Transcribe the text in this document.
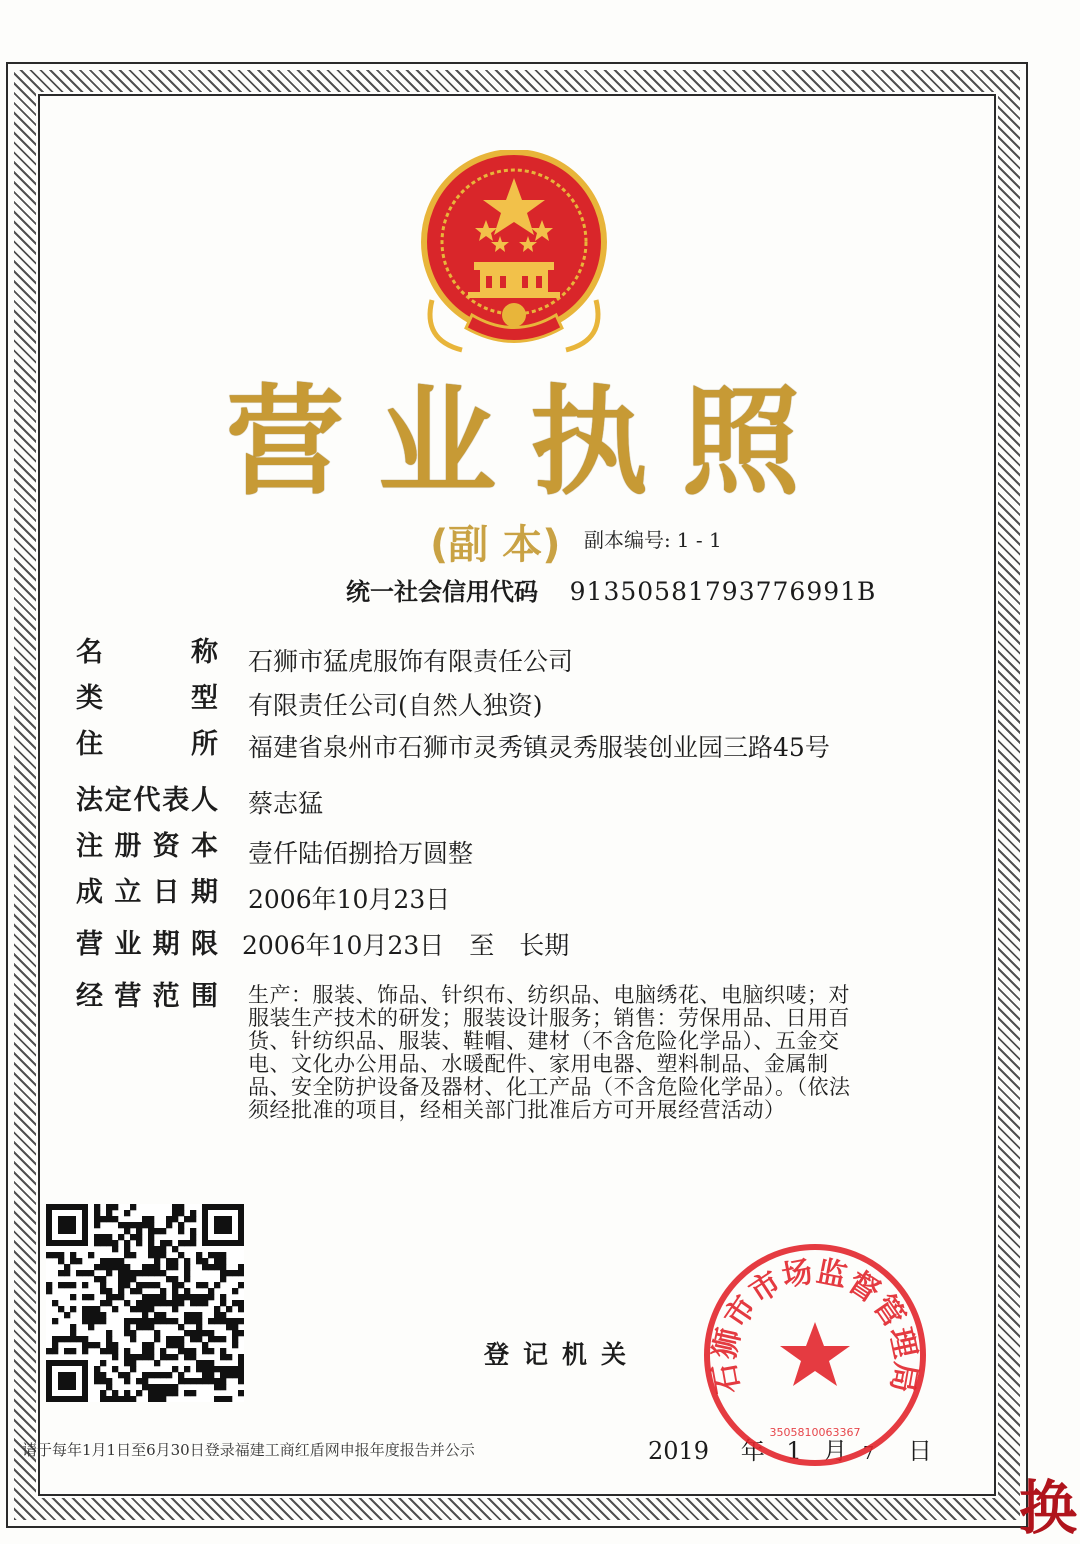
营业执照
(副 本) 副本编号: 1 - 1
统一社会信用代码 91350581793776991B
名	称 石狮市猛虎服饰有限责任公司
类	型 有限责任公司(自然人独资)
住	所 福建省泉州市石狮市灵秀镇灵秀服装创业园三路45号
法 定 代 表 人 蔡志猛
注 册 资 本 壹仟陆佰捌拾万圆整
成 立 日 期 2006年10月23日
营 业 期 限 2006年10月23日　至　长期
经 营 范 围 生产：服装、饰品、针织布、纺织品、电脑绣花、电脑织唛；对服装生产技术的研发；服装设计服务；销售：劳保用品、日用百货、针纺织品、服装、鞋帽、建材（不含危险化学品）、五金交电、文化办公用品、水暖配件、家用电器、塑料制品、金属制品、安全防护设备及器材、化工产品（不含危险化学品）。（依法须经批准的项目，经相关部门批准后方可开展经营活动）
登记机关
2019 年 1 月 7 日
请于每年1月1日至6月30日登录福建工商红盾网申报年度报告并公示
石狮市市场监督管理局
3505810063367
换
